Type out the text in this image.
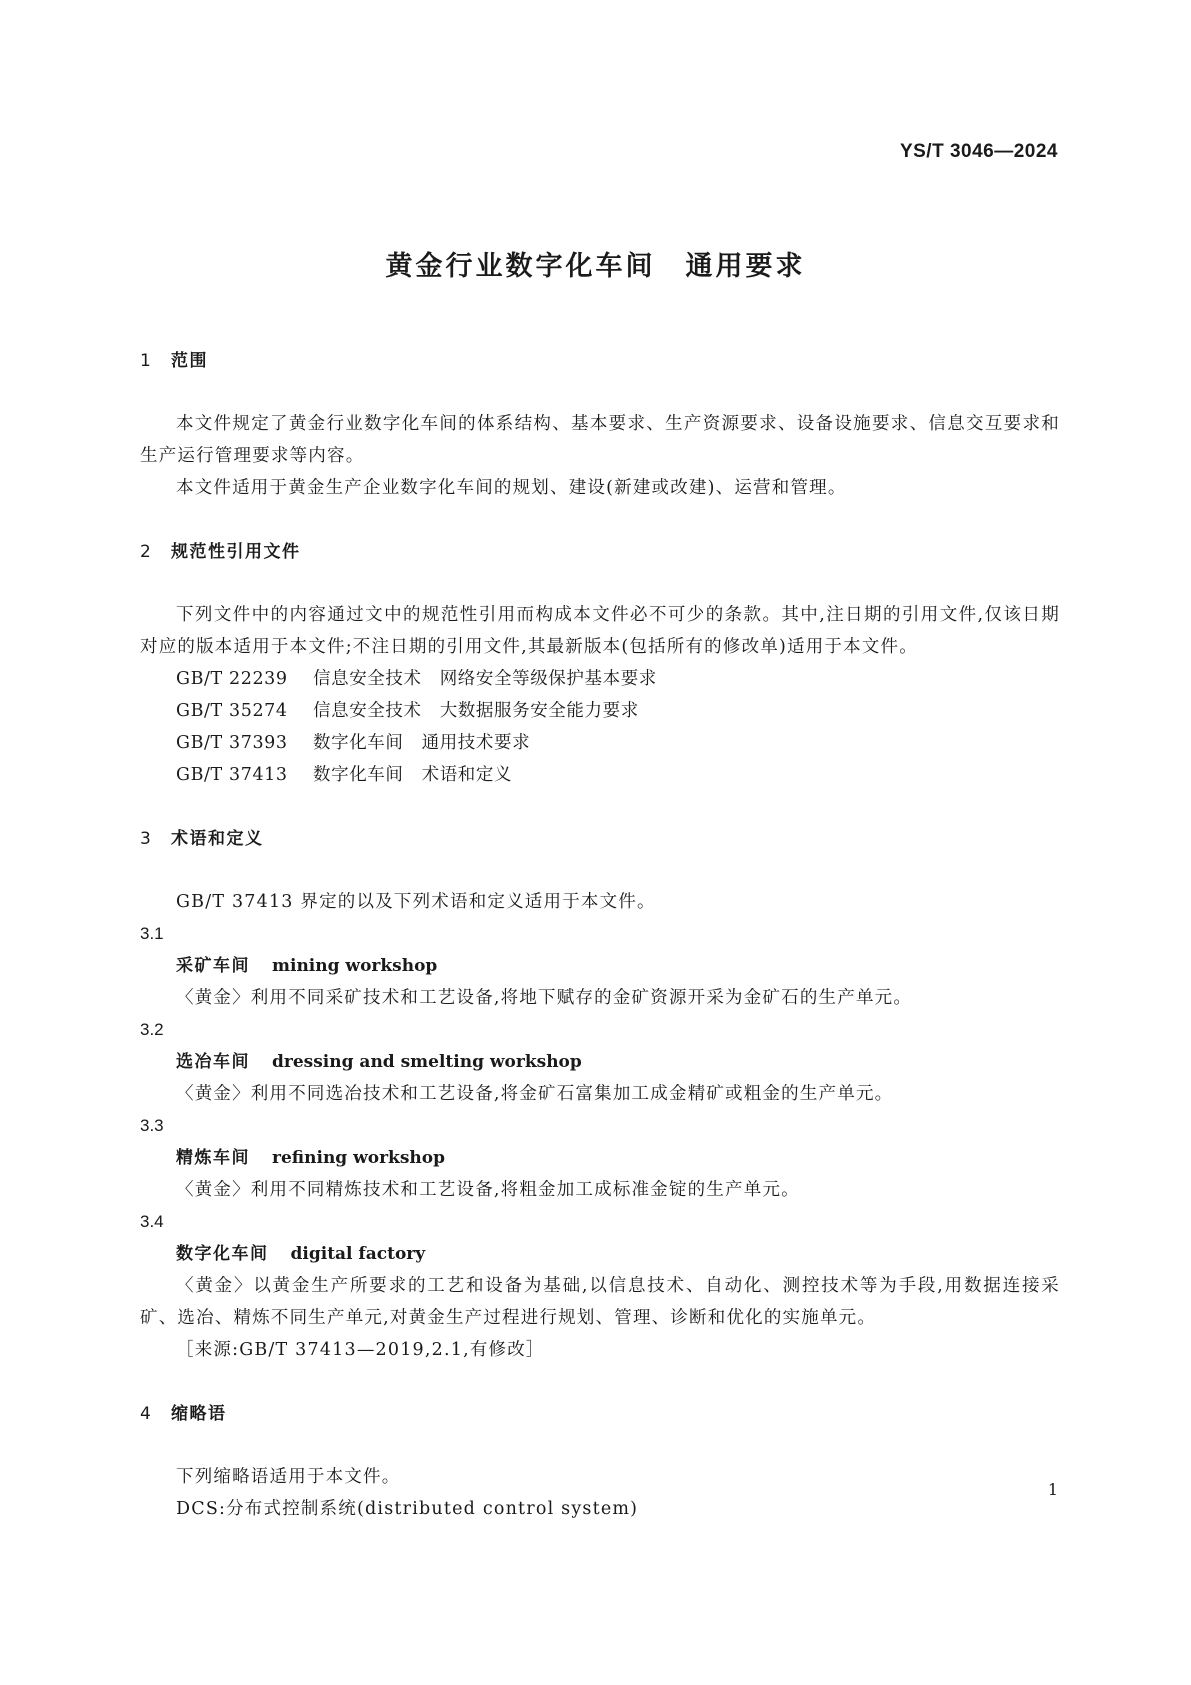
YS/T 3046—2024
黄金行业数字化车间　通用要求
1 范围

本文件规定了黄金行业数字化车间的体系结构、基本要求、生产资源要求、设备设施要求、信息交互要求和生产运行管理要求等内容。

本文件适用于黄金生产企业数字化车间的规划、建设(新建或改建)、运营和管理。

2 规范性引用文件

下列文件中的内容通过文中的规范性引用而构成本文件必不可少的条款。其中,注日期的引用文件,仅该日期对应的版本适用于本文件;不注日期的引用文件,其最新版本(包括所有的修改单)适用于本文件。

GB/T 22239 信息安全技术　网络安全等级保护基本要求
GB/T 35274 信息安全技术　大数据服务安全能力要求
GB/T 37393 数字化车间　通用技术要求
GB/T 37413 数字化车间　术语和定义
3 术语和定义

GB/T 37413 界定的以及下列术语和定义适用于本文件。

3.1
采矿车间 mining workshop

〈黄金〉利用不同采矿技术和工艺设备,将地下赋存的金矿资源开采为金矿石的生产单元。

3.2
选冶车间 dressing and smelting workshop

〈黄金〉利用不同选冶技术和工艺设备,将金矿石富集加工成金精矿或粗金的生产单元。

3.3
精炼车间 refining workshop

〈黄金〉利用不同精炼技术和工艺设备,将粗金加工成标准金锭的生产单元。

3.4
数字化车间 digital factory

〈黄金〉以黄金生产所要求的工艺和设备为基础,以信息技术、自动化、测控技术等为手段,用数据连接采矿、选冶、精炼不同生产单元,对黄金生产过程进行规划、管理、诊断和优化的实施单元。

［来源:GB/T 37413—2019,2.1,有修改］

4 缩略语

下列缩略语适用于本文件。

DCS:分布式控制系统(distributed control system)

1
